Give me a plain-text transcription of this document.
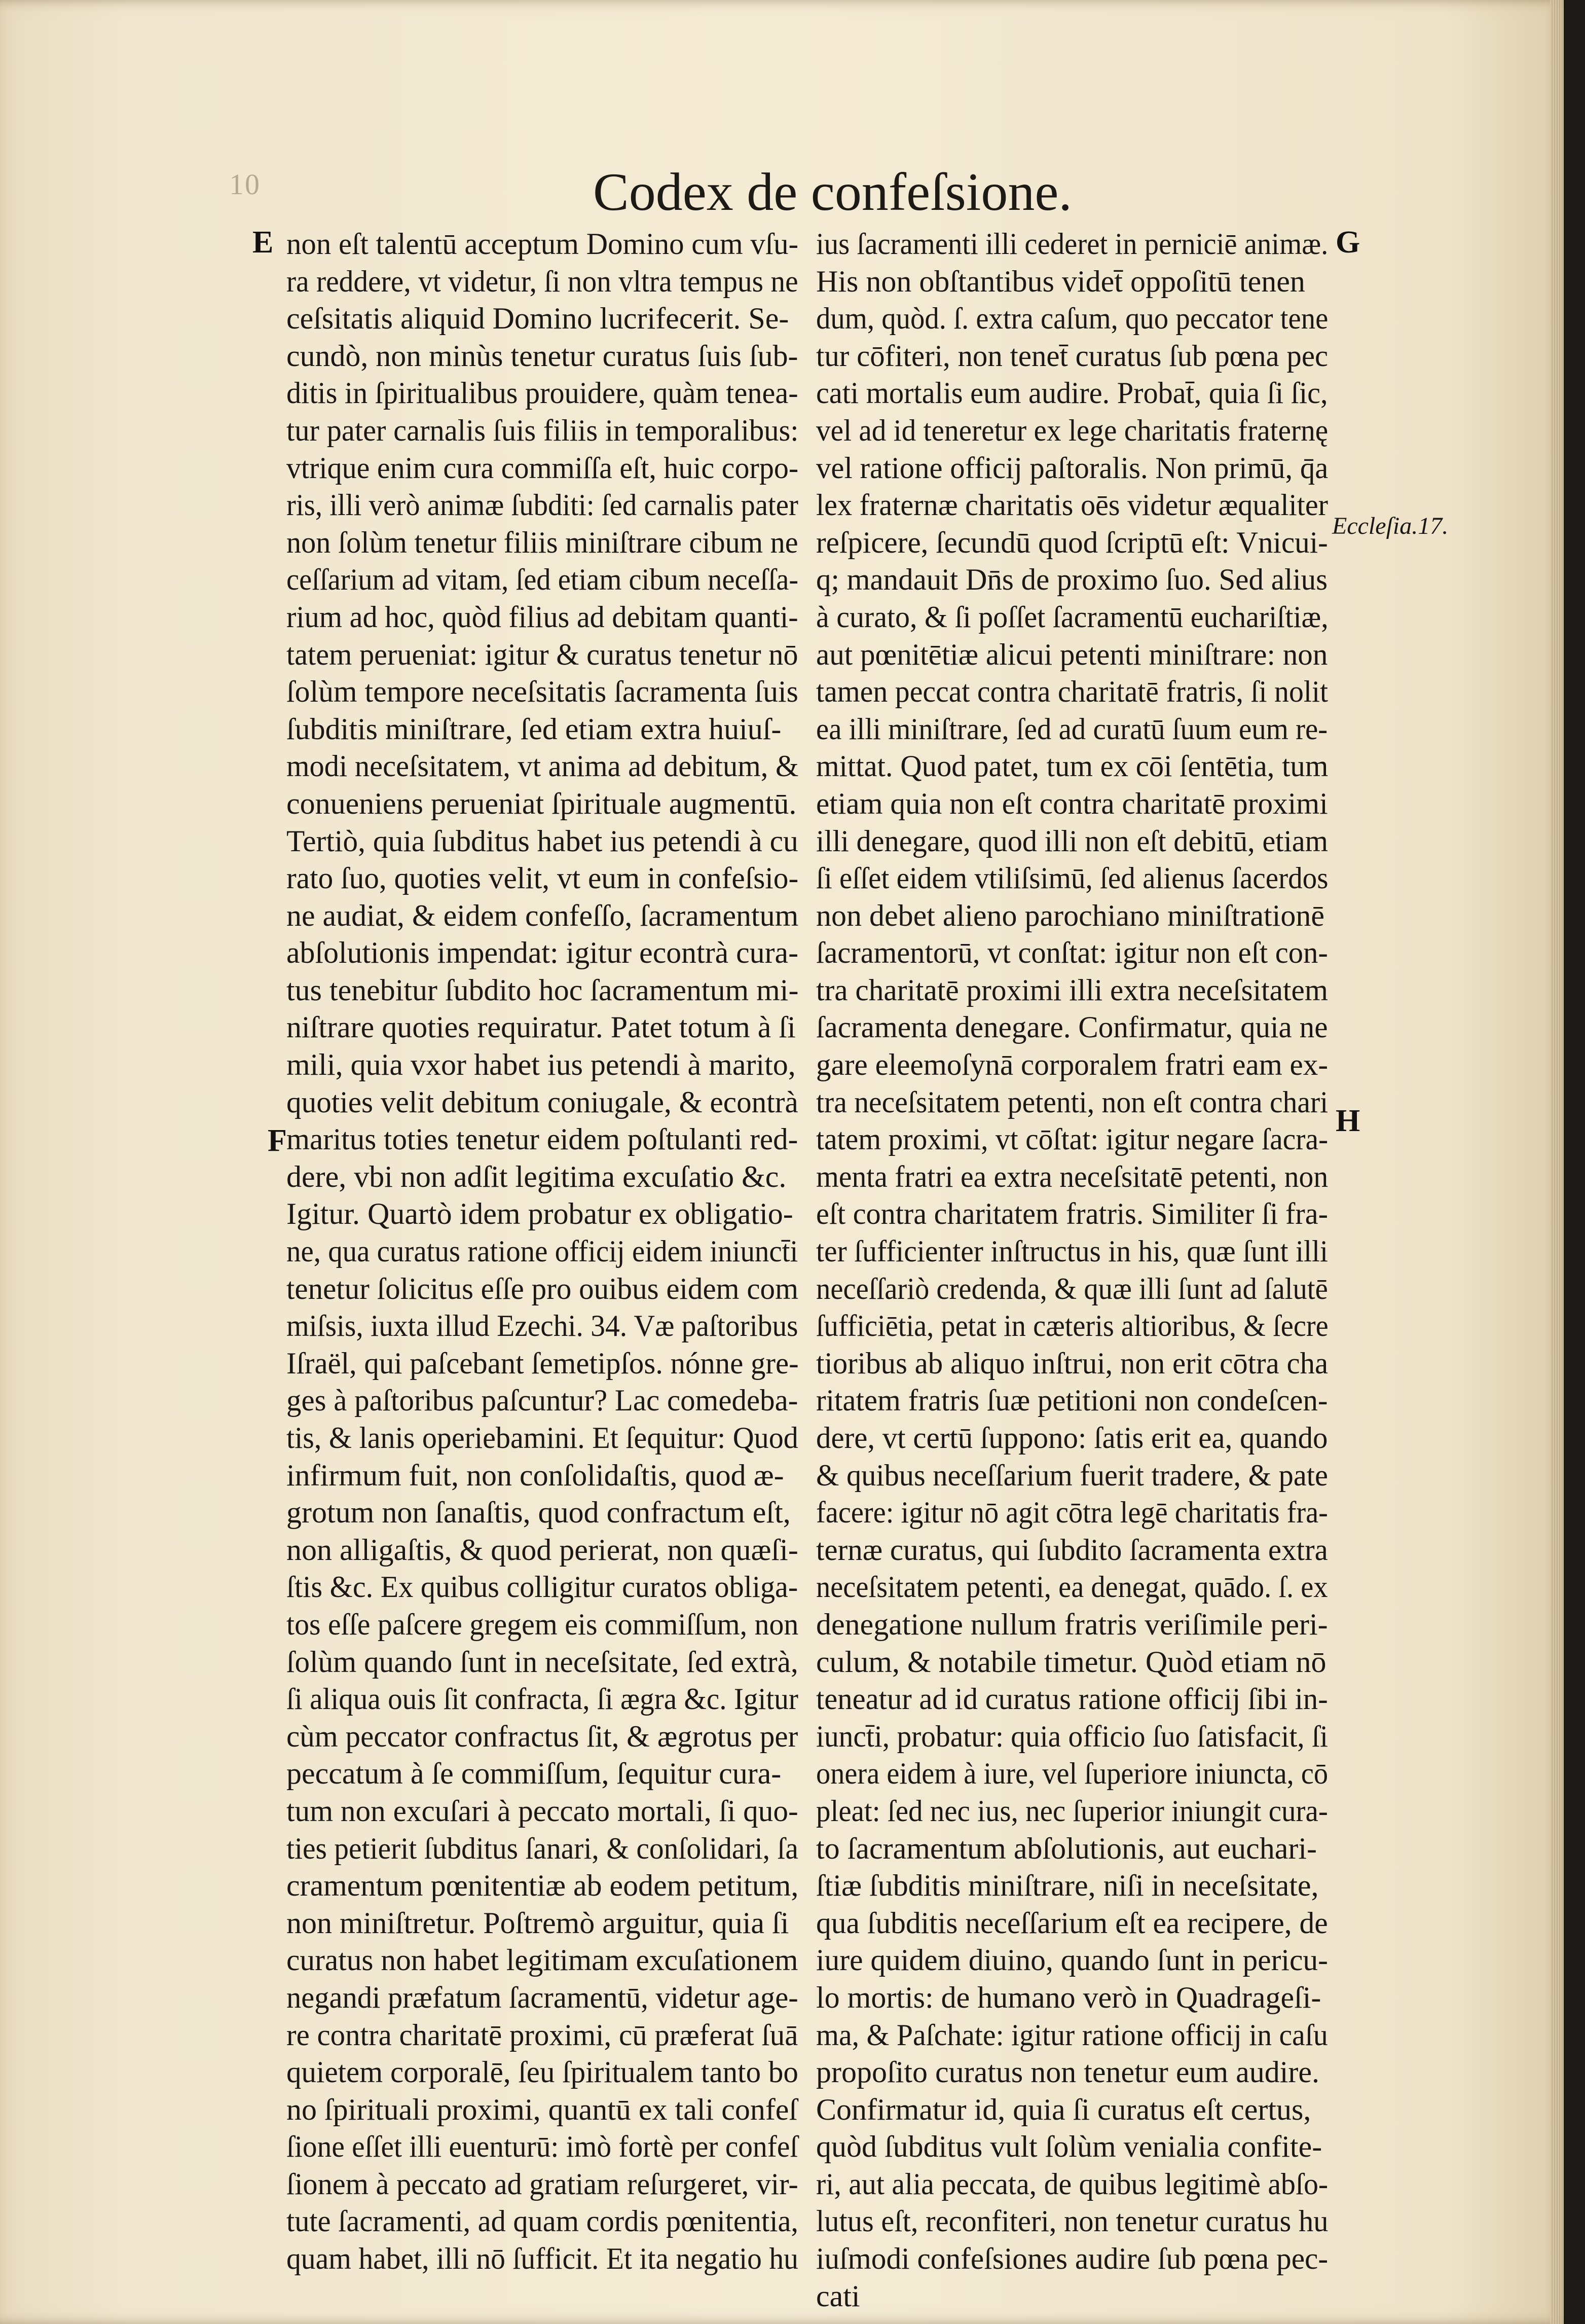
10	Codex de confeſsione.
E
F
G
H
Eccleſia.17.
non eſt talentū acceptum Domino cum vſu-
ra reddere, vt videtur, ſi non vltra tempus ne
ceſsitatis aliquid Domino lucrifecerit. Se-
cundò, non minùs tenetur curatus ſuis ſub-
ditis in ſpiritualibus prouidere, quàm tenea-
tur pater carnalis ſuis filiis in temporalibus:
vtrique enim cura commiſſa eſt, huic corpo-
ris, illi verò animæ ſubditi: ſed carnalis pater
non ſolùm tenetur filiis miniſtrare cibum ne
ceſſarium ad vitam, ſed etiam cibum neceſſa-
rium ad hoc, quòd filius ad debitam quanti-
tatem perueniat: igitur & curatus tenetur nō
ſolùm tempore neceſsitatis ſacramenta ſuis
ſubditis miniſtrare, ſed etiam extra huiuſ-
modi neceſsitatem, vt anima ad debitum, &
conueniens perueniat ſpirituale augmentū.
Tertiò, quia ſubditus habet ius petendi à cu
rato ſuo, quoties velit, vt eum in confeſsio-
ne audiat, & eidem confeſſo, ſacramentum
abſolutionis impendat: igitur econtrà cura-
tus tenebitur ſubdito hoc ſacramentum mi-
niſtrare quoties requiratur. Patet totum à ſi
mili, quia vxor habet ius petendi à marito,
quoties velit debitum coniugale, & econtrà
maritus toties tenetur eidem poſtulanti red-
dere, vbi non adſit legitima excuſatio &c.
Igitur. Quartò idem probatur ex obligatio-
ne, qua curatus ratione officij eidem iniunct̄i
tenetur ſolicitus eſſe pro ouibus eidem com
miſsis, iuxta illud Ezechi. 34. Væ paſtoribus
Iſraël, qui paſcebant ſemetipſos. nónne gre-
ges à paſtoribus paſcuntur? Lac comedeba-
tis, & lanis operiebamini. Et ſequitur: Quod
infirmum fuit, non conſolidaſtis, quod æ-
grotum non ſanaſtis, quod confractum eſt,
non alligaſtis, & quod perierat, non quæſi-
ſtis &c. Ex quibus colligitur curatos obliga-
tos eſſe paſcere gregem eis commiſſum, non
ſolùm quando ſunt in neceſsitate, ſed extrà,
ſi aliqua ouis ſit confracta, ſi ægra &c. Igitur
cùm peccator confractus ſit, & ægrotus per
peccatum à ſe commiſſum, ſequitur cura-
tum non excuſari à peccato mortali, ſi quo-
ties petierit ſubditus ſanari, & conſolidari, ſa
cramentum pœnitentiæ ab eodem petitum,
non miniſtretur. Poſtremò arguitur, quia ſi
curatus non habet legitimam excuſationem
negandi præfatum ſacramentū, videtur age-
re contra charitatē proximi, cū præferat ſuā
quietem corporalē, ſeu ſpiritualem tanto bo
no ſpirituali proximi, quantū ex tali confeſ
ſione eſſet illi euenturū: imò fortè per confeſ
ſionem à peccato ad gratiam reſurgeret, vir-
tute ſacramenti, ad quam cordis pœnitentia,
quam habet, illi nō ſufficit. Et ita negatio hu
ius ſacramenti illi cederet in perniciē animæ.
His non obſtantibus videt̄ oppoſitū tenen
dum, quòd. ſ. extra caſum, quo peccator tene
tur cōfiteri, non tenet̄ curatus ſub pœna pec
cati mortalis eum audire. Probat̄, quia ſi ſic,
vel ad id teneretur ex lege charitatis fraternę
vel ratione officij paſtoralis. Non primū, q̄a
lex fraternæ charitatis oēs videtur æqualiter
reſpicere, ſecundū quod ſcriptū eſt: Vnicui-
q; mandauit Dn̄s de proximo ſuo. Sed alius
à curato, & ſi poſſet ſacramentū euchariſtiæ,
aut pœnitētiæ alicui petenti miniſtrare: non
tamen peccat contra charitatē fratris, ſi nolit
ea illi miniſtrare, ſed ad curatū ſuum eum re-
mittat. Quod patet, tum ex cōi ſentētia, tum
etiam quia non eſt contra charitatē proximi
illi denegare, quod illi non eſt debitū, etiam
ſi eſſet eidem vtiliſsimū, ſed alienus ſacerdos
non debet alieno parochiano miniſtrationē
ſacramentorū, vt conſtat: igitur non eſt con-
tra charitatē proximi illi extra neceſsitatem
ſacramenta denegare. Confirmatur, quia ne
gare eleemoſynā corporalem fratri eam ex-
tra neceſsitatem petenti, non eſt contra chari
tatem proximi, vt cōſtat: igitur negare ſacra-
menta fratri ea extra neceſsitatē petenti, non
eſt contra charitatem fratris. Similiter ſi fra-
ter ſufficienter inſtructus in his, quæ ſunt illi
neceſſariò credenda, & quæ illi ſunt ad ſalutē
ſufficiētia, petat in cæteris altioribus, & ſecre
tioribus ab aliquo inſtrui, non erit cōtra cha
ritatem fratris ſuæ petitioni non condeſcen-
dere, vt certū ſuppono: ſatis erit ea, quando
& quibus neceſſarium fuerit tradere, & pate
facere: igitur nō agit cōtra legē charitatis fra-
ternæ curatus, qui ſubdito ſacramenta extra
neceſsitatem petenti, ea denegat, quādo. ſ. ex
denegatione nullum fratris veriſimile peri-
culum, & notabile timetur. Quòd etiam nō
teneatur ad id curatus ratione officij ſibi in-
iunct̄i, probatur: quia officio ſuo ſatisfacit, ſi
onera eidem à iure, vel ſuperiore iniuncta, cō
pleat: ſed nec ius, nec ſuperior iniungit cura-
to ſacramentum abſolutionis, aut euchari-
ſtiæ ſubditis miniſtrare, niſi in neceſsitate,
qua ſubditis neceſſarium eſt ea recipere, de
iure quidem diuino, quando ſunt in pericu-
lo mortis: de humano verò in Quadrageſi-
ma, & Paſchate: igitur ratione officij in caſu
propoſito curatus non tenetur eum audire.
Confirmatur id, quia ſi curatus eſt certus,
quòd ſubditus vult ſolùm venialia confite-
ri, aut alia peccata, de quibus legitimè abſo-
lutus eſt, reconfiteri, non tenetur curatus hu
iuſmodi confeſsiones audire ſub pœna pec-
cati
